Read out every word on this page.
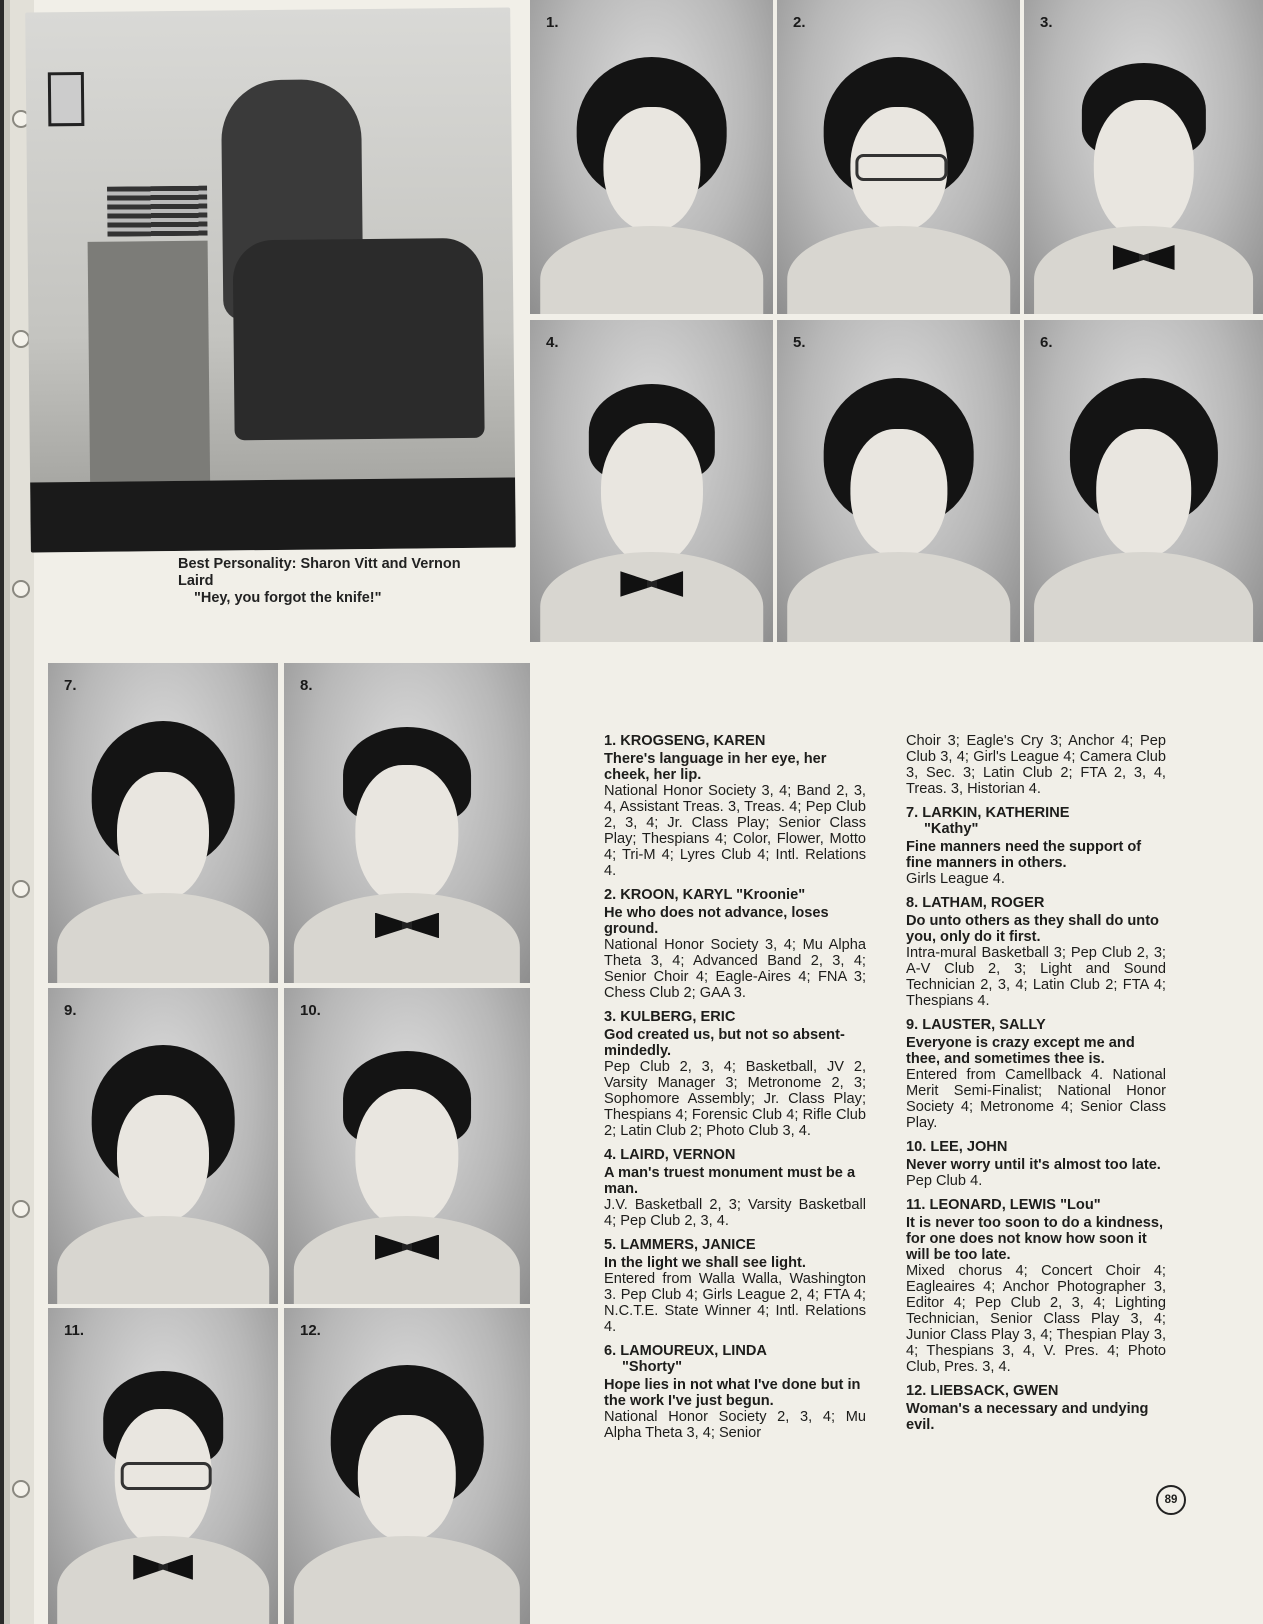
Best Personality: Sharon Vitt and Vernon Laird
"Hey, you forgot the knife!"
1.	2.	3.
4.	5.	6.
7.	8.
9.	10.
11.	12.
1. KROGSENG, KAREN
There's language in her eye, her cheek, her lip.
National Honor Society 3, 4; Band 2, 3, 4, Assistant Treas. 3, Treas. 4; Pep Club 2, 3, 4; Jr. Class Play; Senior Class Play; Thespians 4; Color, Flower, Motto 4; Tri-M 4; Lyres Club 4; Intl. Relations 4.
2. KROON, KARYL "Kroonie"
He who does not advance, loses ground.
National Honor Society 3, 4; Mu Alpha Theta 3, 4; Advanced Band 2, 3, 4; Senior Choir 4; Eagle-Aires 4; FNA 3; Chess Club 2; GAA 3.
3. KULBERG, ERIC
God created us, but not so absent-mindedly.
Pep Club 2, 3, 4; Basketball, JV 2, Varsity Manager 3; Metronome 2, 3; Sophomore Assembly; Jr. Class Play; Thespians 4; Forensic Club 4; Rifle Club 2; Latin Club 2; Photo Club 3, 4.
4. LAIRD, VERNON
A man's truest monument must be a man.
J.V. Basketball 2, 3; Varsity Basketball 4; Pep Club 2, 3, 4.
5. LAMMERS, JANICE
In the light we shall see light.
Entered from Walla Walla, Washington 3. Pep Club 4; Girls League 2, 4; FTA 4; N.C.T.E. State Winner 4; Intl. Relations 4.
6. LAMOUREUX, LINDA
"Shorty"
Hope lies in not what I've done but in the work I've just begun.
National Honor Society 2, 3, 4; Mu Alpha Theta 3, 4; Senior
Choir 3; Eagle's Cry 3; Anchor 4; Pep Club 3, 4; Girl's League 4; Camera Club 3, Sec. 3; Latin Club 2; FTA 2, 3, 4, Treas. 3, Historian 4.
7. LARKIN, KATHERINE
"Kathy"
Fine manners need the support of fine manners in others.
Girls League 4.
8. LATHAM, ROGER
Do unto others as they shall do unto you, only do it first.
Intra-mural Basketball 3; Pep Club 2, 3; A-V Club 2, 3; Light and Sound Technician 2, 3, 4; Latin Club 2; FTA 4; Thespians 4.
9. LAUSTER, SALLY
Everyone is crazy except me and thee, and sometimes thee is.
Entered from Camellback 4. National Merit Semi-Finalist; National Honor Society 4; Metronome 4; Senior Class Play.
10. LEE, JOHN
Never worry until it's almost too late.
Pep Club 4.
11. LEONARD, LEWIS "Lou"
It is never too soon to do a kindness, for one does not know how soon it will be too late.
Mixed chorus 4; Concert Choir 4; Eagleaires 4; Anchor Photographer 3, Editor 4; Pep Club 2, 3, 4; Lighting Technician, Senior Class Play 3, 4; Junior Class Play 3, 4; Thespian Play 3, 4; Thespians 3, 4, V. Pres. 4; Photo Club, Pres. 3, 4.
12. LIEBSACK, GWEN
Woman's a necessary and undying evil.
89
